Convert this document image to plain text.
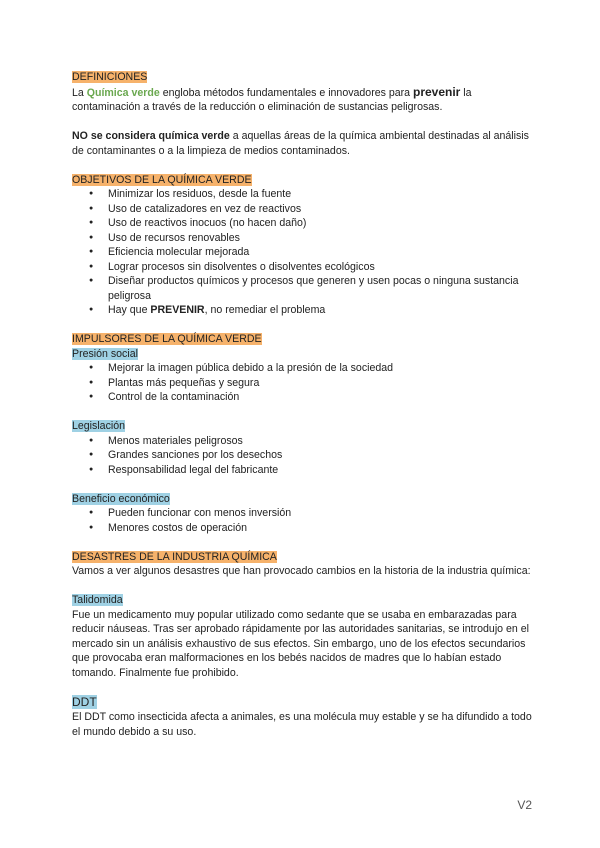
DEFINICIONES

La Química verde engloba métodos fundamentales e innovadores para prevenir la contaminación a través de la reducción o eliminación de sustancias peligrosas.

NO se considera química verde a aquellas áreas de la química ambiental destinadas al análisis de contaminantes o a la limpieza de medios contaminados.

OBJETIVOS DE LA QUÍMICA VERDE

● Minimizar los residuos, desde la fuente
● Uso de catalizadores en vez de reactivos
● Uso de reactivos inocuos (no hacen daño)
● Uso de recursos renovables
● Eficiencia molecular mejorada
● Lograr procesos sin disolventes o disolventes ecológicos
● Diseñar productos químicos y procesos que generen y usen pocas o ninguna sustancia peligrosa
● Hay que PREVENIR, no remediar el problema

IMPULSORES DE LA QUÍMICA VERDE

Presión social

● Mejorar la imagen pública debido a la presión de la sociedad
● Plantas más pequeñas y segura
● Control de la contaminación

Legislación

● Menos materiales peligrosos
● Grandes sanciones por los desechos
● Responsabilidad legal del fabricante

Beneficio económico

● Pueden funcionar con menos inversión
● Menores costos de operación

DESASTRES DE LA INDUSTRIA QUÍMICA

Vamos a ver algunos desastres que han provocado cambios en la historia de la industria química:

Talidomida

Fue un medicamento muy popular utilizado como sedante que se usaba en embarazadas para reducir náuseas. Tras ser aprobado rápidamente por las autoridades sanitarias, se introdujo en el mercado sin un análisis exhaustivo de sus efectos. Sin embargo, uno de los efectos secundarios que provocaba eran malformaciones en los bebés nacidos de madres que lo habían estado tomando. Finalmente fue prohibido.

DDT

El DDT como insecticida afecta a animales, es una molécula muy estable y se ha difundido a todo el mundo debido a su uso.

V2
